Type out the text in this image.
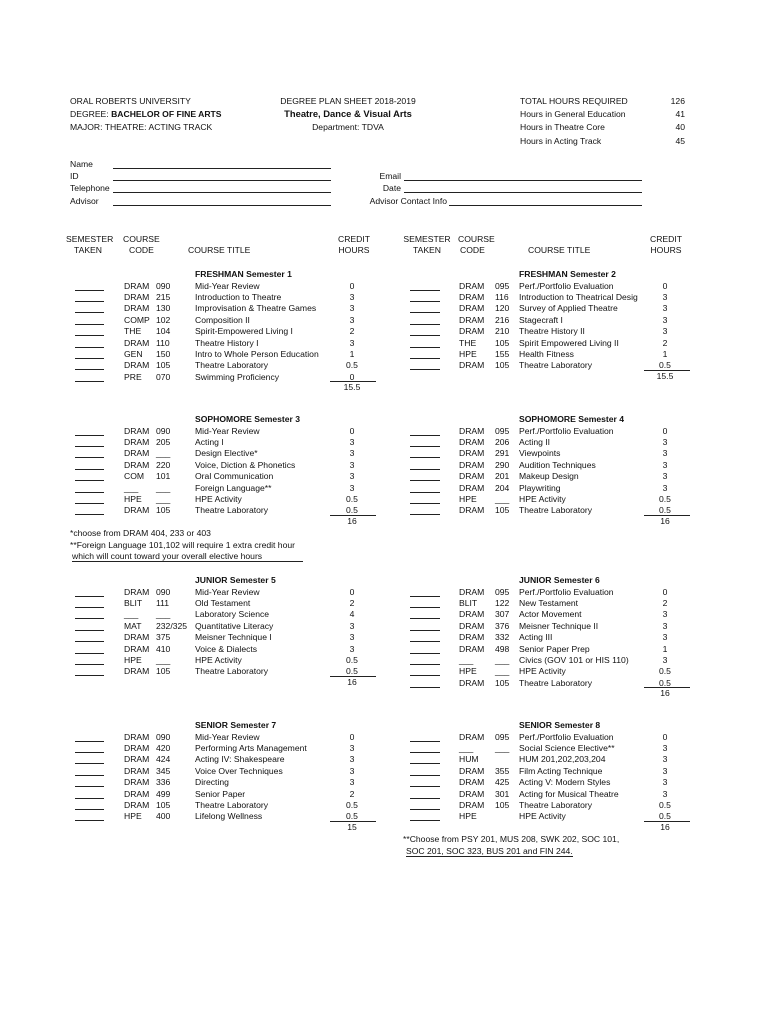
ORAL ROBERTS UNIVERSITY
DEGREE: BACHELOR OF FINE ARTS
MAJOR: THEATRE: ACTING TRACK
DEGREE PLAN SHEET 2018-2019
Theatre, Dance & Visual Arts
Department: TDVA
TOTAL HOURS REQUIRED	126
Hours in General Education	41
Hours in Theatre Core	40
Hours in Acting Track	45
Name
ID
Telephone
Advisor
Email
Date
Advisor Contact Info
SEMESTER
TAKEN
COURSE
CODE	COURSE TITLE
CREDIT
HOURS
SEMESTER
TAKEN
COURSE
CODE	COURSE TITLE
CREDIT
HOURS
FRESHMAN Semester 1
DRAM 090	Mid-Year Review	0
DRAM 215	Introduction to Theatre	3
DRAM 130	Improvisation & Theatre Games	3
COMP 102	Composition II	3
THE 104	Spirit-Empowered Living I	2
DRAM 110	Theatre History I	3
GEN 150	Intro to Whole Person Education	1
DRAM 105	Theatre Laboratory	0.5
PRE 070	Swimming Proficiency	0
15.5
FRESHMAN Semester 2
DRAM 095 Perf./Portfolio Evaluation	0
DRAM 116 Introduction to Theatrical Desig	3
DRAM 120 Survey of Applied Theatre	3
DRAM 216 Stagecraft I	3
DRAM 210 Theatre History II	3
THE 105 Spirit Empowered Living II	2
HPE 155 Health Fitness	1
DRAM 105 Theatre Laboratory	0.5
15.5
SOPHOMORE Semester 3
DRAM 090	Mid-Year Review	0
DRAM 205	Acting I	3
DRAM ___	Design Elective*	3
DRAM 220	Voice, Diction & Phonetics	3
COM 101	Oral Communication	3
___ ___	Foreign Language**	3
HPE ___	HPE Activity	0.5
DRAM 105	Theatre Laboratory	0.5
16
SOPHOMORE Semester 4
DRAM 095 Perf./Portfolio Evaluation	0
DRAM 206 Acting II	3
DRAM 291 Viewpoints	3
DRAM 290 Audition Techniques	3
DRAM 201 Makeup Design	3
DRAM 204 Playwriting	3
HPE ___ HPE Activity	0.5
DRAM 105 Theatre Laboratory	0.5
16
JUNIOR Semester 5
DRAM 090	Mid-Year Review	0
BLIT 111	Old Testament	2
___ ___	Laboratory Science	4
MAT 232/325 Quantitative Literacy	3
DRAM 375	Meisner Technique I	3
DRAM 410	Voice & Dialects	3
HPE ___	HPE Activity	0.5
DRAM 105	Theatre Laboratory	0.5
16
JUNIOR Semester 6
DRAM 095 Perf./Portfolio Evaluation	0
BLIT 122 New Testament	2
DRAM 307 Actor Movement	3
DRAM 376 Meisner Technique II	3
DRAM 332 Acting III	3
DRAM 498 Senior Paper Prep	1
___	___ Civics (GOV 101 or HIS 110)	3
HPE ___ HPE Activity	0.5
DRAM 105 Theatre Laboratory	0.5
16
SENIOR Semester 7
DRAM 090	Mid-Year Review	0
DRAM 420	Performing Arts Management	3
DRAM 424	Acting IV: Shakespeare	3
DRAM 345	Voice Over Techniques	3
DRAM 336	Directing	3
DRAM 499	Senior Paper	2
DRAM 105	Theatre Laboratory	0.5
HPE 400	Lifelong Wellness	0.5
15
SENIOR Semester 8
DRAM 095 Perf./Portfolio Evaluation	0
___	___ Social Science Elective**	3
HUM	HUM 201,202,203,204	3
DRAM 355 Film Acting Technique	3
DRAM 425 Acting V: Modern Styles	3
DRAM 301 Acting for Musical Theatre	3
DRAM 105 Theatre Laboratory	0.5
HPE	HPE Activity	0.5
16
*choose from DRAM 404, 233 or 403
**Foreign Language 101,102 will require 1 extra credit hour
which will count toward your overall elective hours
**Choose from PSY 201, MUS 208, SWK 202, SOC 101,
SOC 201, SOC 323, BUS 201 and FIN 244.
